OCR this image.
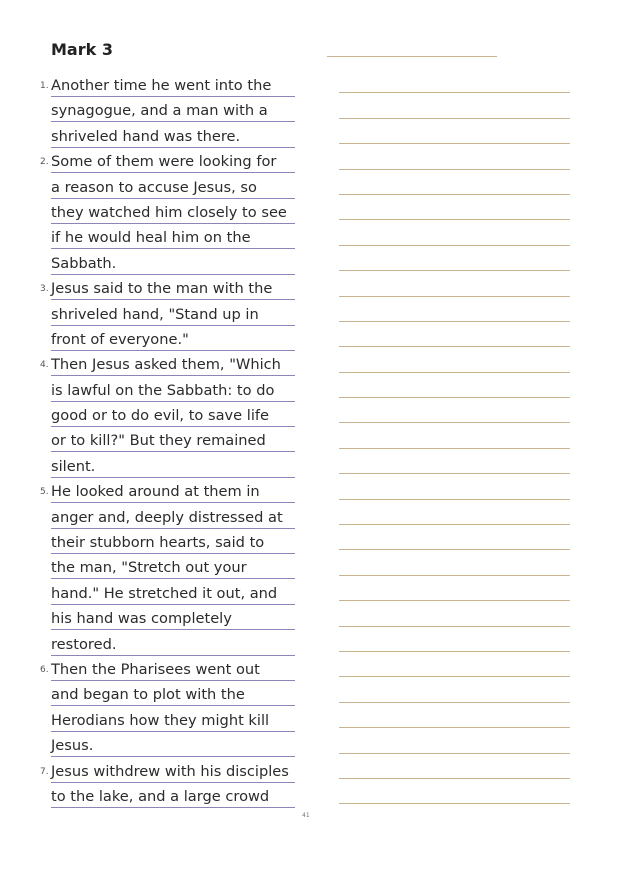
Mark 3
1. Another time he went into the
synagogue, and a man with a
shriveled hand was there.
2. Some of them were looking for
a reason to accuse Jesus, so
they watched him closely to see
if he would heal him on the
Sabbath.
3. Jesus said to the man with the
shriveled hand, "Stand up in
front of everyone."
4. Then Jesus asked them, "Which
is lawful on the Sabbath: to do
good or to do evil, to save life
or to kill?" But they remained
silent.
5. He looked around at them in
anger and, deeply distressed at
their stubborn hearts, said to
the man, "Stretch out your
hand." He stretched it out, and
his hand was completely
restored.
6. Then the Pharisees went out
and began to plot with the
Herodians how they might kill
Jesus.
7. Jesus withdrew with his disciples
to the lake, and a large crowd
41
